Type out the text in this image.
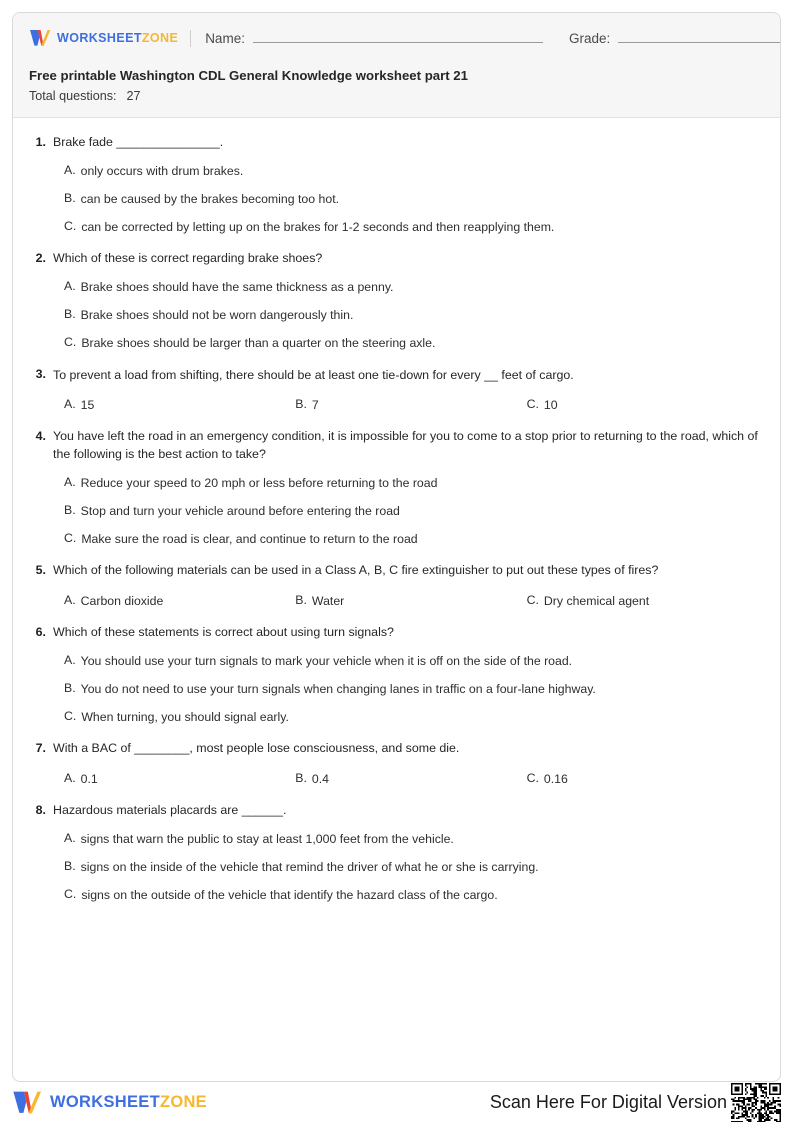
WORKSHEETZONE Name:	Grade:
Free printable Washington CDL General Knowledge worksheet part 21
Total questions: 27
1. Brake fade _______________.
A. only occurs with drum brakes.
B. can be caused by the brakes becoming too hot.
C. can be corrected by letting up on the brakes for 1-2 seconds and then reapplying them.
2. Which of these is correct regarding brake shoes?
A. Brake shoes should have the same thickness as a penny.
B. Brake shoes should not be worn dangerously thin.
C. Brake shoes should be larger than a quarter on the steering axle.
3. To prevent a load from shifting, there should be at least one tie-down for every __ feet of cargo.
A. 15	B. 7	C. 10
4. You have left the road in an emergency condition, it is impossible for you to come to a stop prior to returning to the road, which of the following is the best action to take?
A. Reduce your speed to 20 mph or less before returning to the road
B. Stop and turn your vehicle around before entering the road
C. Make sure the road is clear, and continue to return to the road
5. Which of the following materials can be used in a Class A, B, C fire extinguisher to put out these types of fires?
A. Carbon dioxide	B. Water	C. Dry chemical agent
6. Which of these statements is correct about using turn signals?
A. You should use your turn signals to mark your vehicle when it is off on the side of the road.
B. You do not need to use your turn signals when changing lanes in traffic on a four-lane highway.
C. When turning, you should signal early.
7. With a BAC of ________, most people lose consciousness, and some die.
A. 0.1	B. 0.4	C. 0.16
8. Hazardous materials placards are ______.
A. signs that warn the public to stay at least 1,000 feet from the vehicle.
B. signs on the inside of the vehicle that remind the driver of what he or she is carrying.
C. signs on the outside of the vehicle that identify the hazard class of the cargo.
WORKSHEETZONE	Scan Here For Digital Version
